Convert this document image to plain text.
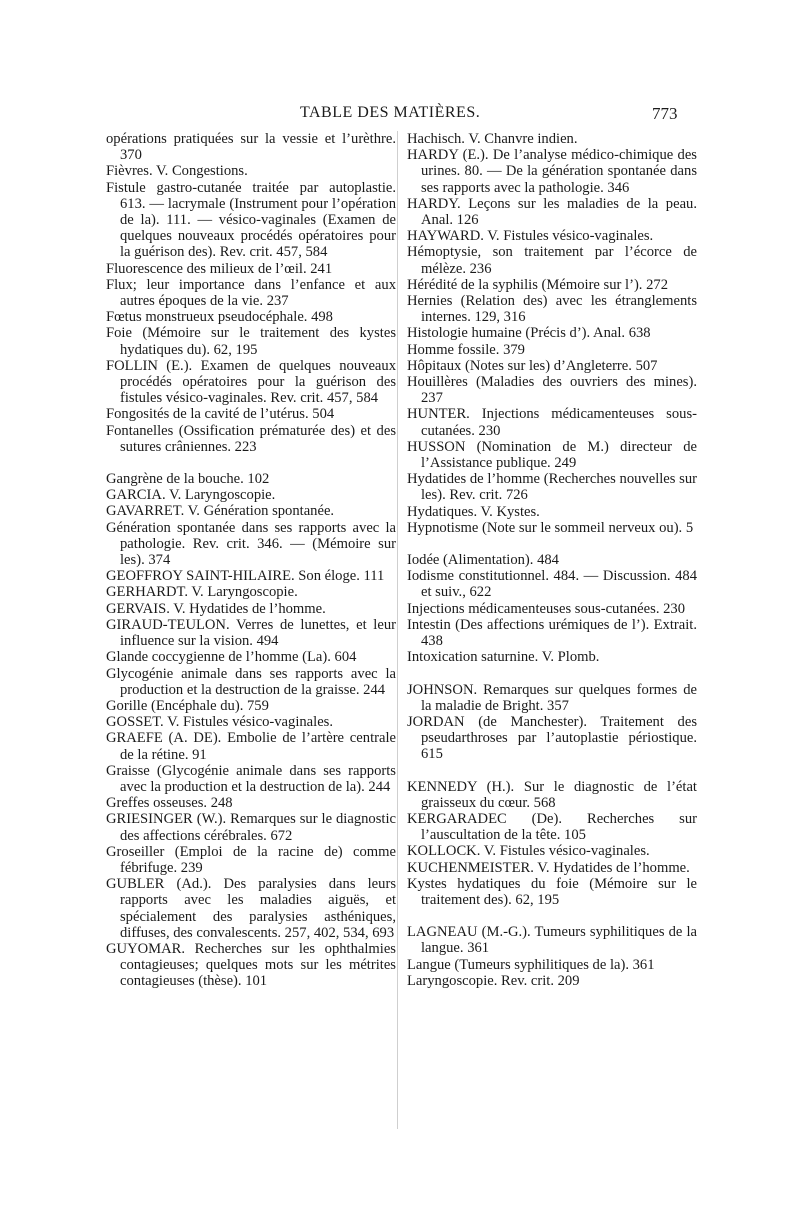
TABLE DES MATIÈRES.	773

opérations pratiquées sur la vessie et l’urèthre. 370

Fièvres. V. Congestions.

Fistule gastro-cutanée traitée par autoplastie. 613. — lacrymale (Instrument pour l’opération de la). 111. — vésico-vaginales (Examen de quelques nouveaux procédés opératoires pour la guérison des). Rev. crit. 457, 584

Fluorescence des milieux de l’œil. 241

Flux; leur importance dans l’enfance et aux autres époques de la vie. 237

Fœtus monstrueux pseudocéphale. 498

Foie (Mémoire sur le traitement des kystes hydatiques du). 62, 195

FOLLIN (E.). Examen de quelques nouveaux procédés opératoires pour la guérison des fistules vésico-vaginales. Rev. crit. 457, 584

Fongosités de la cavité de l’utérus. 504

Fontanelles (Ossification prématurée des) et des sutures crâniennes. 223

Gangrène de la bouche. 102

GARCIA. V. Laryngoscopie.

GAVARRET. V. Génération spontanée.

Génération spontanée dans ses rapports avec la pathologie. Rev. crit. 346. — (Mémoire sur les). 374

GEOFFROY SAINT-HILAIRE. Son éloge. 111

GERHARDT. V. Laryngoscopie.

GERVAIS. V. Hydatides de l’homme.

GIRAUD-TEULON. Verres de lunettes, et leur influence sur la vision. 494

Glande coccygienne de l’homme (La). 604

Glycogénie animale dans ses rapports avec la production et la destruction de la graisse. 244

Gorille (Encéphale du). 759

GOSSET. V. Fistules vésico-vaginales.

GRAEFE (A. DE). Embolie de l’artère centrale de la rétine. 91

Graisse (Glycogénie animale dans ses rapports avec la production et la destruction de la). 244

Greffes osseuses. 248

GRIESINGER (W.). Remarques sur le diagnostic des affections cérébrales. 672

Groseiller (Emploi de la racine de) comme fébrifuge. 239

GUBLER (Ad.). Des paralysies dans leurs rapports avec les maladies aiguës, et spécialement des paralysies asthéniques, diffuses, des convalescents. 257, 402, 534, 693

GUYOMAR. Recherches sur les ophthalmies contagieuses; quelques mots sur les métrites contagieuses (thèse). 101

Hachisch. V. Chanvre indien.

HARDY (E.). De l’analyse médico-chimique des urines. 80. — De la génération spontanée dans ses rapports avec la pathologie. 346

HARDY. Leçons sur les maladies de la peau. Anal. 126

HAYWARD. V. Fistules vésico-vaginales.

Hémoptysie, son traitement par l’écorce de mélèze. 236

Hérédité de la syphilis (Mémoire sur l’). 272

Hernies (Relation des) avec les étranglements internes. 129, 316

Histologie humaine (Précis d’). Anal. 638

Homme fossile. 379

Hôpitaux (Notes sur les) d’Angleterre. 507

Houillères (Maladies des ouvriers des mines). 237

HUNTER. Injections médicamenteuses sous-cutanées. 230

HUSSON (Nomination de M.) directeur de l’Assistance publique. 249

Hydatides de l’homme (Recherches nouvelles sur les). Rev. crit. 726

Hydatiques. V. Kystes.

Hypnotisme (Note sur le sommeil nerveux ou). 5

Iodée (Alimentation). 484

Iodisme constitutionnel. 484. — Discussion. 484 et suiv., 622

Injections médicamenteuses sous-cutanées. 230

Intestin (Des affections urémiques de l’). Extrait. 438

Intoxication saturnine. V. Plomb.

JOHNSON. Remarques sur quelques formes de la maladie de Bright. 357

JORDAN (de Manchester). Traitement des pseudarthroses par l’autoplastie périostique. 615

KENNEDY (H.). Sur le diagnostic de l’état graisseux du cœur. 568

KERGARADEC (De). Recherches sur l’auscultation de la tête. 105

KOLLOCK. V. Fistules vésico-vaginales.

KUCHENMEISTER. V. Hydatides de l’homme.

Kystes hydatiques du foie (Mémoire sur le traitement des). 62, 195

LAGNEAU (M.-G.). Tumeurs syphilitiques de la langue. 361

Langue (Tumeurs syphilitiques de la). 361

Laryngoscopie. Rev. crit. 209
